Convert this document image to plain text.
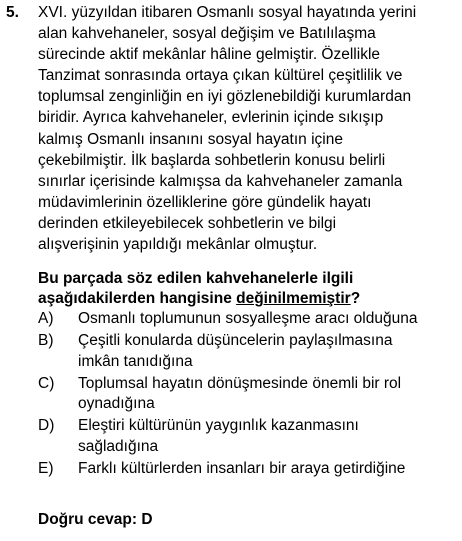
5. XVI. yüzyıldan itibaren Osmanlı sosyal hayatında yerini
alan kahvehaneler, sosyal değişim ve Batılılaşma
sürecinde aktif mekânlar hâline gelmiştir. Özellikle
Tanzimat sonrasında ortaya çıkan kültürel çeşitlilik ve
toplumsal zenginliğin en iyi gözlenebildiği kurumlardan
biridir. Ayrıca kahvehaneler, evlerinin içinde sıkışıp
kalmış Osmanlı insanını sosyal hayatın içine
çekebilmiştir. İlk başlarda sohbetlerin konusu belirli
sınırlar içerisinde kalmışsa da kahvehaneler zamanla
müdavimlerinin özelliklerine göre gündelik hayatı
derinden etkileyebilecek sohbetlerin ve bilgi
alışverişinin yapıldığı mekânlar olmuştur.
Bu parçada söz edilen kahvehanelerle ilgili
aşağıdakilerden hangisine değinilmemiştir?
A)	Osmanlı toplumunun sosyalleşme aracı olduğuna
B)	Çeşitli konularda düşüncelerin paylaşılmasına
imkân tanıdığına
C)	Toplumsal hayatın dönüşmesinde önemli bir rol
oynadığına
D)	Eleştiri kültürünün yaygınlık kazanmasını
sağladığına
E)	Farklı kültürlerden insanları bir araya getirdiğine
Doğru cevap: D
